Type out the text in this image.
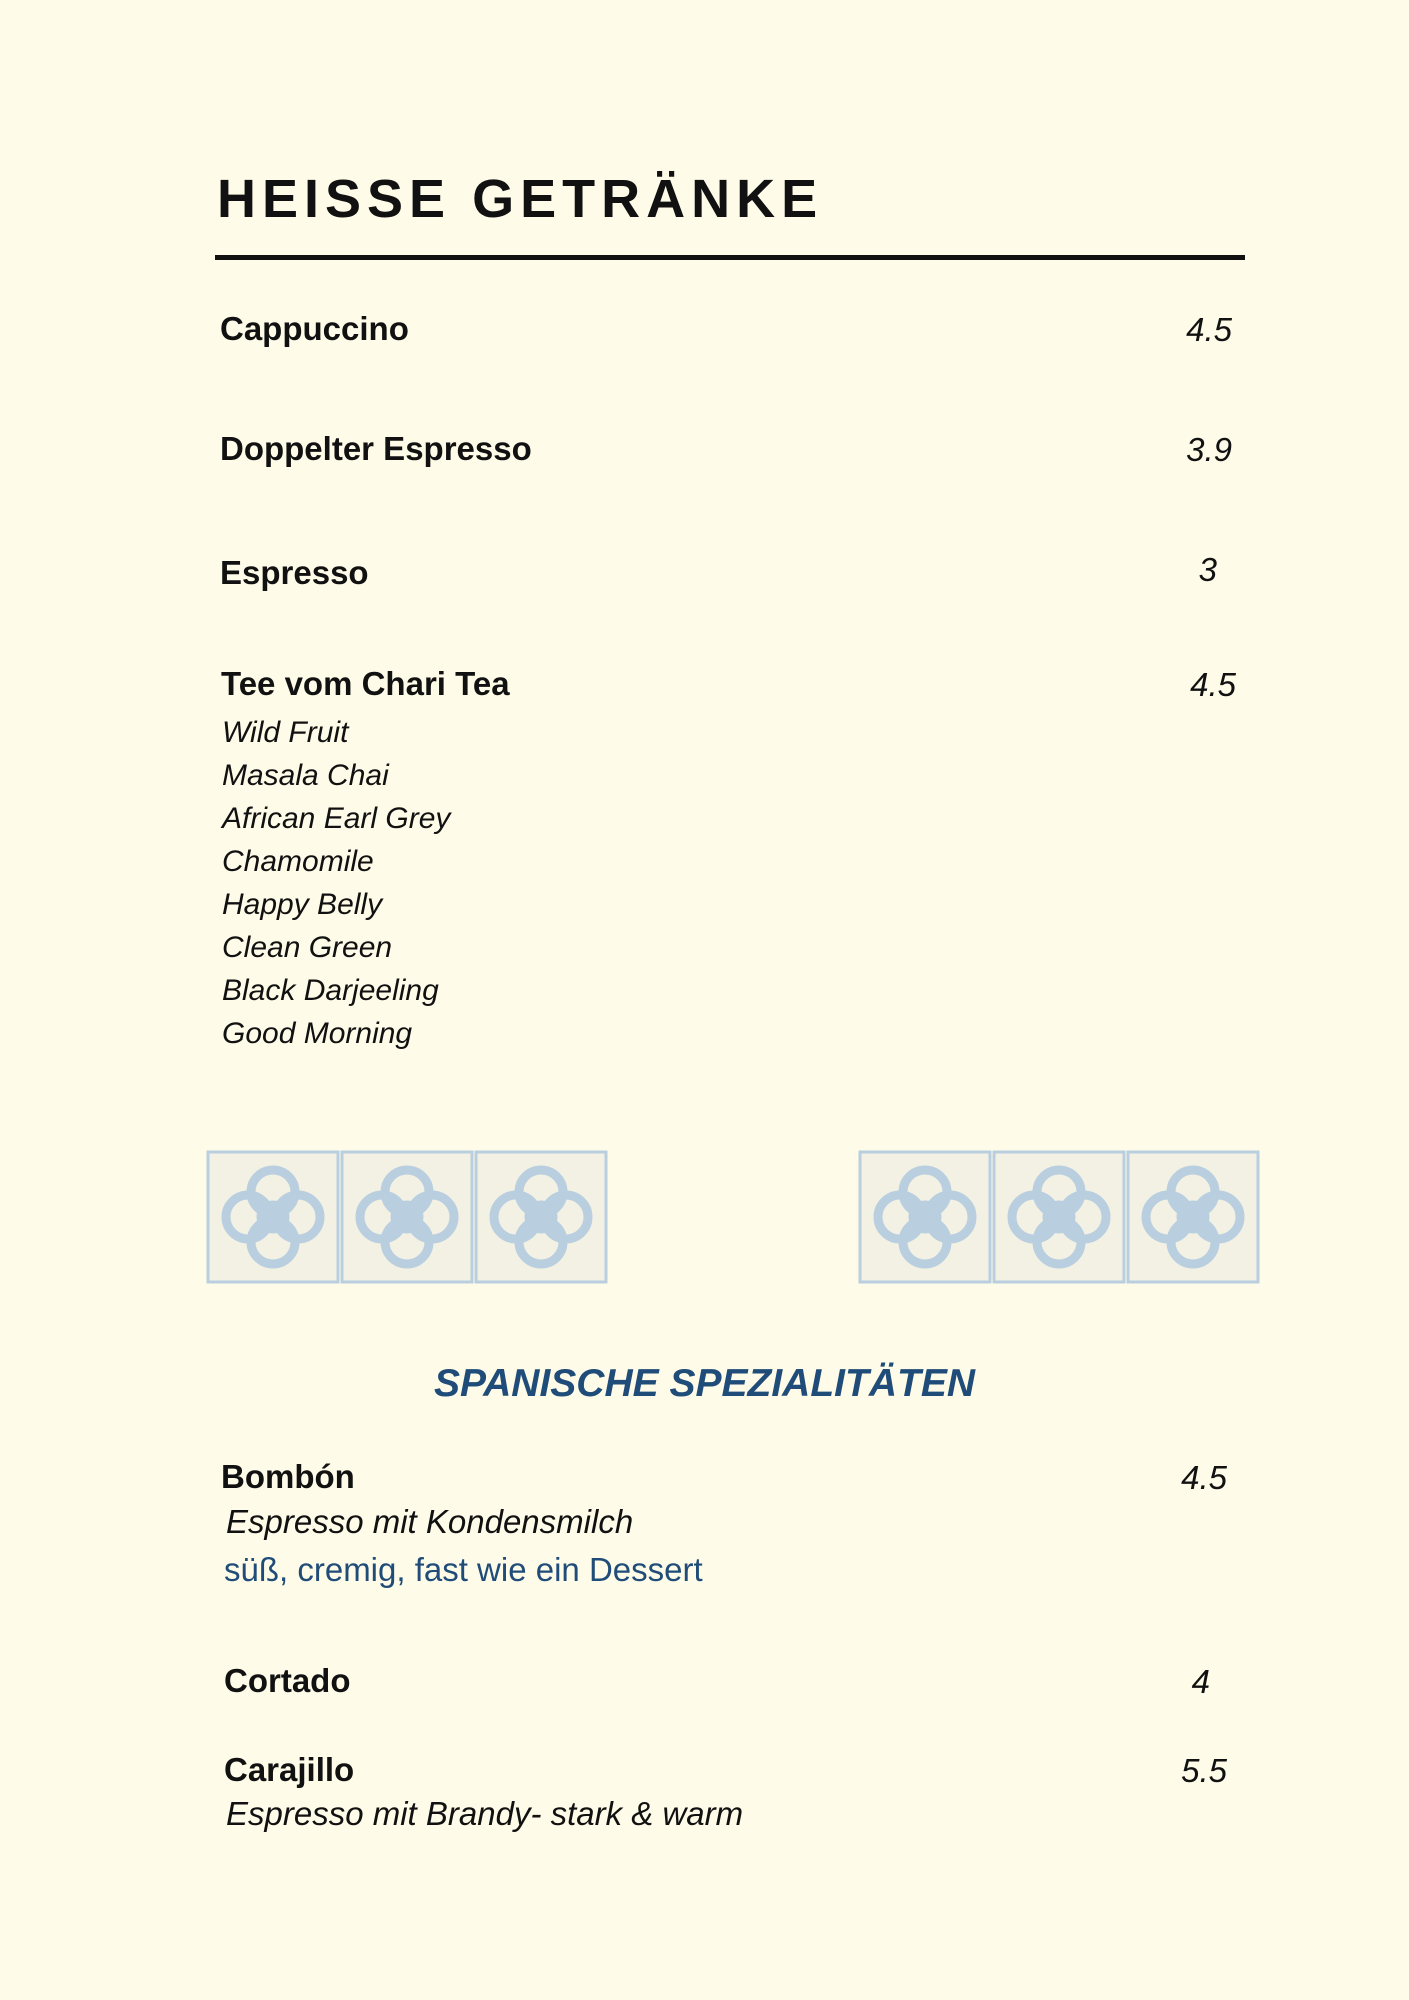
HEISSE GETRÄNKE
Cappuccino	4.5
Doppelter Espresso	3.9
Espresso	3
Tee vom Chari Tea	4.5
Wild Fruit
Masala Chai
African Earl Grey
Chamomile
Happy Belly
Clean Green
Black Darjeeling
Good Morning
SPANISCHE SPEZIALITÄTEN
Bombón	4.5
Espresso mit Kondensmilch
süß, cremig, fast wie ein Dessert
Cortado	4
Carajillo	5.5
Espresso mit Brandy- stark & warm
